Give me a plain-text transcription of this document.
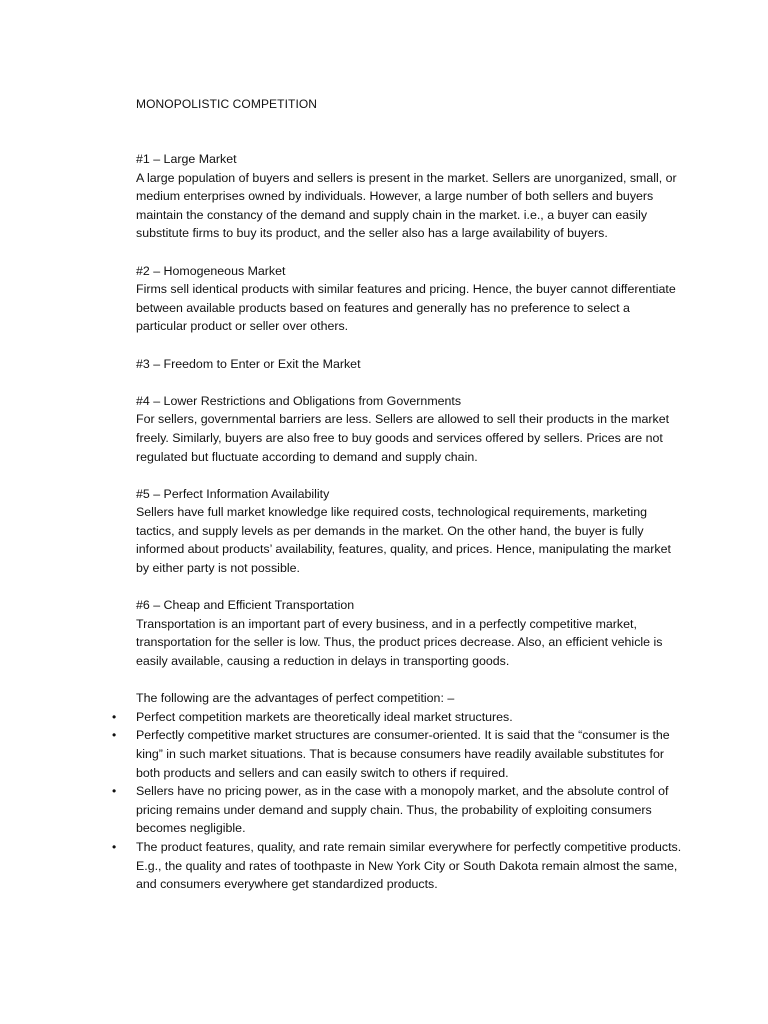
MONOPOLISTIC COMPETITION
#1 – Large Market

A large population of buyers and sellers is present in the market. Sellers are unorganized, small, or medium enterprises owned by individuals. However, a large number of both sellers and buyers maintain the constancy of the demand and supply chain in the market. i.e., a buyer can easily substitute firms to buy its product, and the seller also has a large availability of buyers.

#2 – Homogeneous Market

Firms sell identical products with similar features and pricing. Hence, the buyer cannot differentiate between available products based on features and generally has no preference to select a particular product or seller over others.

#3 – Freedom to Enter or Exit the Market
#4 – Lower Restrictions and Obligations from Governments

For sellers, governmental barriers are less. Sellers are allowed to sell their products in the market freely. Similarly, buyers are also free to buy goods and services offered by sellers. Prices are not regulated but fluctuate according to demand and supply chain.

#5 – Perfect Information Availability

Sellers have full market knowledge like required costs, technological requirements, marketing tactics, and supply levels as per demands in the market. On the other hand, the buyer is fully informed about products’ availability, features, quality, and prices. Hence, manipulating the market by either party is not possible.

#6 – Cheap and Efficient Transportation

Transportation is an important part of every business, and in a perfectly competitive market, transportation for the seller is low. Thus, the product prices decrease. Also, an efficient vehicle is easily available, causing a reduction in delays in transporting goods.

The following are the advantages of perfect competition: –
• Perfect competition markets are theoretically ideal market structures.
• Perfectly competitive market structures are consumer-oriented. It is said that the “consumer is the king” in such market situations. That is because consumers have readily available substitutes for both products and sellers and can easily switch to others if required.
• Sellers have no pricing power, as in the case with a monopoly market, and the absolute control of pricing remains under demand and supply chain. Thus, the probability of exploiting consumers becomes negligible.
• The product features, quality, and rate remain similar everywhere for perfectly competitive products. E.g., the quality and rates of toothpaste in New York City or South Dakota remain almost the same, and consumers everywhere get standardized products.
